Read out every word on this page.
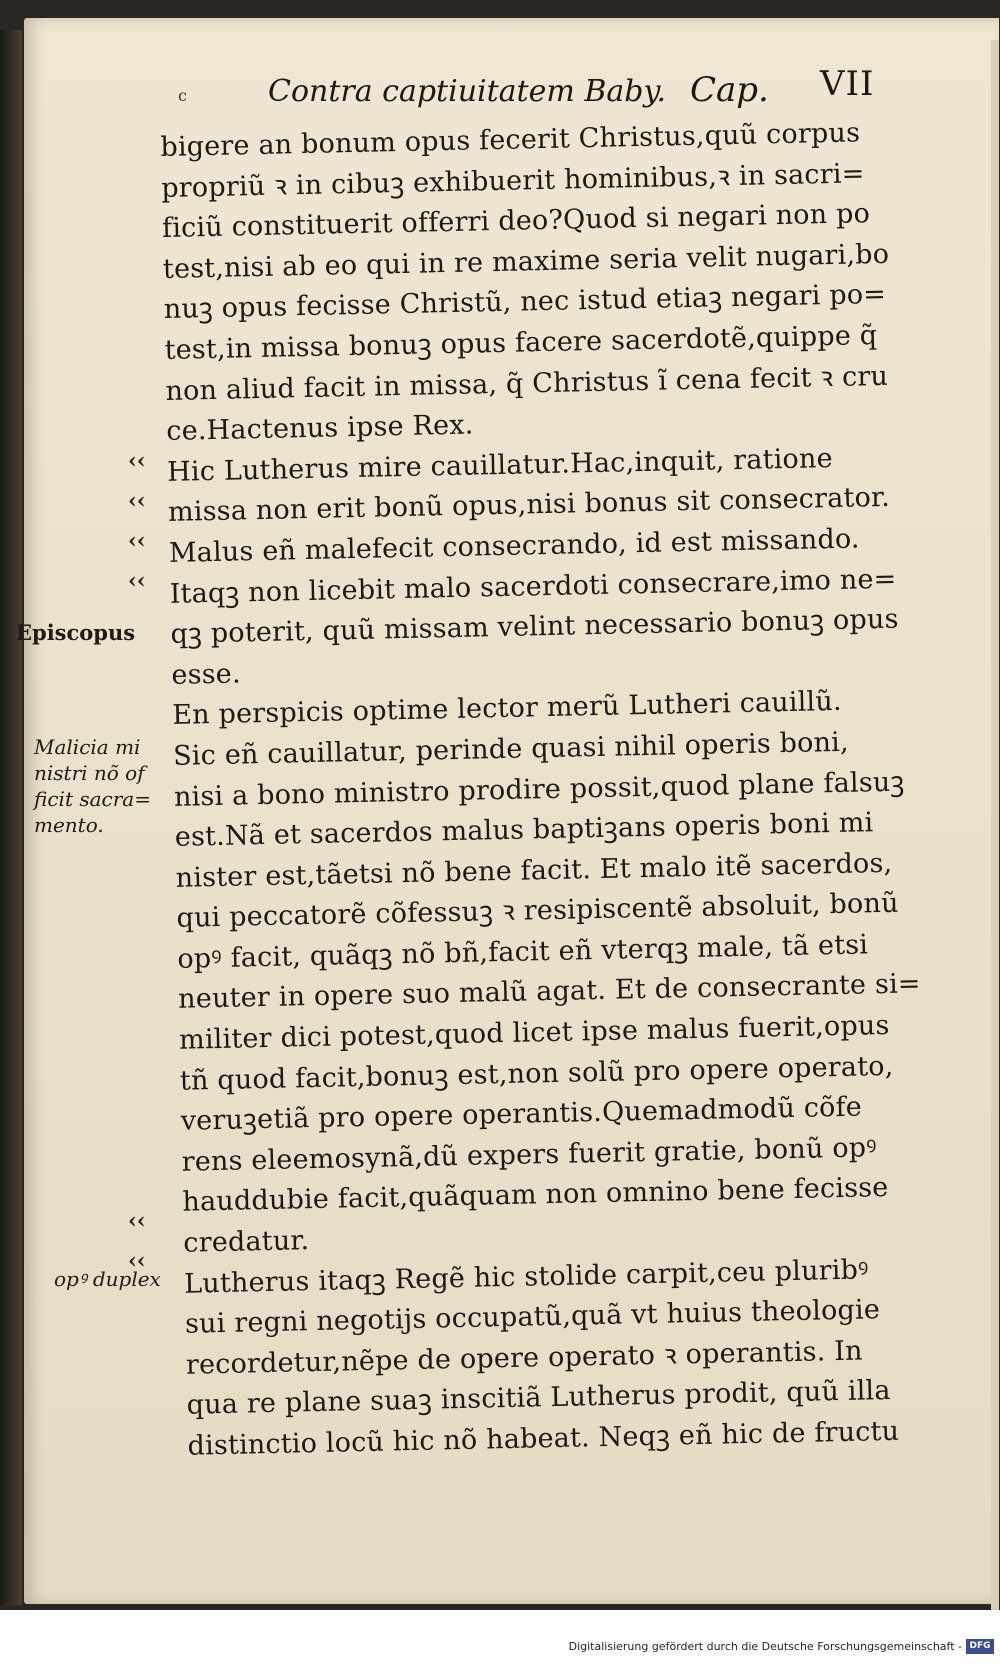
c	Contra captiuitatem Baby. Cap. VII
bigere an bonum opus fecerit Christus,quũ corpus
propriũ ꝛ in cibuꝫ exhibuerit hominibus,ꝛ in sacri=
ficiũ constituerit offerri deo?Quod si negari non po
test,nisi ab eo qui in re maxime seria velit nugari,bo
nuꝫ opus fecisse Christũ, nec istud etiaꝫ negari po=
test,in missa bonuꝫ opus facere sacerdotẽ,quippe q̃
non aliud facit in missa, q̃ Christus ĩ cena fecit ꝛ cru
ce.Hactenus ipse Rex.
Hic Lutherus mire cauillatur.Hac,inquit, ratione
missa non erit bonũ opus,nisi bonus sit consecrator.
Malus eñ malefecit consecrando, id est missando.
Itaqꝫ non licebit malo sacerdoti consecrare,imo ne=
qꝫ poterit, quũ missam velint necessario bonuꝫ opus
esse.
En perspicis optime lector merũ Lutheri cauillũ.
Sic eñ cauillatur, perinde quasi nihil operis boni,
nisi a bono ministro prodire possit,quod plane falsuꝫ
est.Nã et sacerdos malus baptiꝫans operis boni mi
nister est,tãetsi nõ bene facit. Et malo itẽ sacerdos,
qui peccatorẽ cõfessuꝫ ꝛ resipiscentẽ absoluit, bonũ
opꝰ facit, quãqꝫ nõ bñ,facit eñ vterqꝫ male, tã etsi
neuter in opere suo malũ agat. Et de consecrante si=
militer dici potest,quod licet ipse malus fuerit,opus
tñ quod facit,bonuꝫ est,non solũ pro opere operato,
veruꝫetiã pro opere operantis.Quemadmodũ cõfe
rens eleemosynã,dũ expers fuerit gratie, bonũ opꝰ
hauddubie facit,quãquam non omnino bene fecisse
credatur.
Lutherus itaqꝫ Regẽ hic stolide carpit,ceu pluribꝰ
sui regni negotijs occupatũ,quã vt huius theologie
recordetur,nẽpe de opere operato ꝛ operantis. In
qua re plane suaꝫ inscitiã Lutherus prodit, quũ illa
distinctio locũ hic nõ habeat. Neqꝫ eñ hic de fructu
‹‹
‹‹
‹‹
‹‹
‹‹
‹‹
Episcopus
Malicia mi
nistri nõ of
ficit sacra=
mento.
opꝰ duplex
Digitalisierung gefördert durch die Deutsche Forschungsgemeinschaft - DFG
